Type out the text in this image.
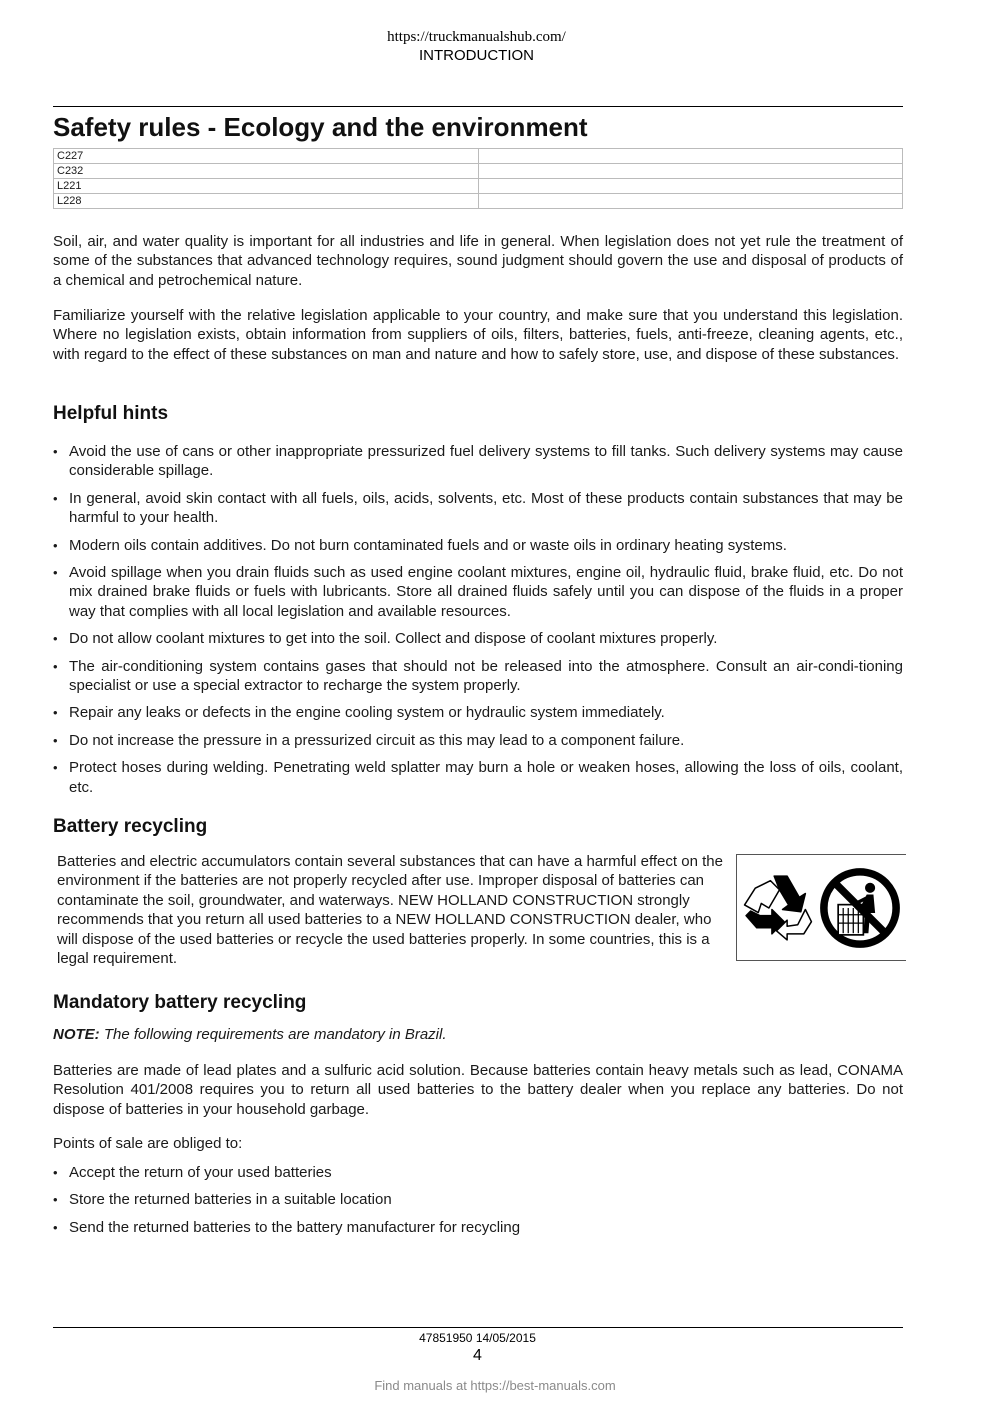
https://truckmanualshub.com/
INTRODUCTION
Safety rules - Ecology and the environment
C227	
C232	
L221	
L228	

Soil, air, and water quality is important for all industries and life in general. When legislation does not yet rule the treatment of some of the substances that advanced technology requires, sound judgment should govern the use and disposal of products of a chemical and petrochemical nature.

Familiarize yourself with the relative legislation applicable to your country, and make sure that you understand this legislation. Where no legislation exists, obtain information from suppliers of oils, filters, batteries, fuels, anti-freeze, cleaning agents, etc., with regard to the effect of these substances on man and nature and how to safely store, use, and dispose of these substances.

Helpful hints
• Avoid the use of cans or other inappropriate pressurized fuel delivery systems to fill tanks. Such delivery systems may cause considerable spillage.
• In general, avoid skin contact with all fuels, oils, acids, solvents, etc. Most of these products contain substances that may be harmful to your health.
• Modern oils contain additives. Do not burn contaminated fuels and or waste oils in ordinary heating systems.
• Avoid spillage when you drain fluids such as used engine coolant mixtures, engine oil, hydraulic fluid, brake fluid, etc. Do not mix drained brake fluids or fuels with lubricants. Store all drained fluids safely until you can dispose of the fluids in a proper way that complies with all local legislation and available resources.
• Do not allow coolant mixtures to get into the soil. Collect and dispose of coolant mixtures properly.
• The air-conditioning system contains gases that should not be released into the atmosphere. Consult an air-condi-tioning specialist or use a special extractor to recharge the system properly.
• Repair any leaks or defects in the engine cooling system or hydraulic system immediately.
• Do not increase the pressure in a pressurized circuit as this may lead to a component failure.
• Protect hoses during welding. Penetrating weld splatter may burn a hole or weaken hoses, allowing the loss of oils, coolant, etc.
Battery recycling

Batteries and electric accumulators contain several substances that can have a harmful effect on the environment if the batteries are not properly recycled after use. Improper disposal of batteries can contaminate the soil, groundwater, and waterways. NEW HOLLAND CONSTRUCTION strongly recommends that you return all used batteries to a NEW HOLLAND CONSTRUCTION dealer, who will dispose of the used batteries or recycle the used batteries properly. In some countries, this is a legal requirement.

Mandatory battery recycling

NOTE: The following requirements are mandatory in Brazil.

Batteries are made of lead plates and a sulfuric acid solution. Because batteries contain heavy metals such as lead, CONAMA Resolution 401/2008 requires you to return all used batteries to the battery dealer when you replace any batteries. Do not dispose of batteries in your household garbage.

Points of sale are obliged to:

• Accept the return of your used batteries
• Store the returned batteries in a suitable location
• Send the returned batteries to the battery manufacturer for recycling
47851950 14/05/2015
4
Find manuals at https://best-manuals.com
